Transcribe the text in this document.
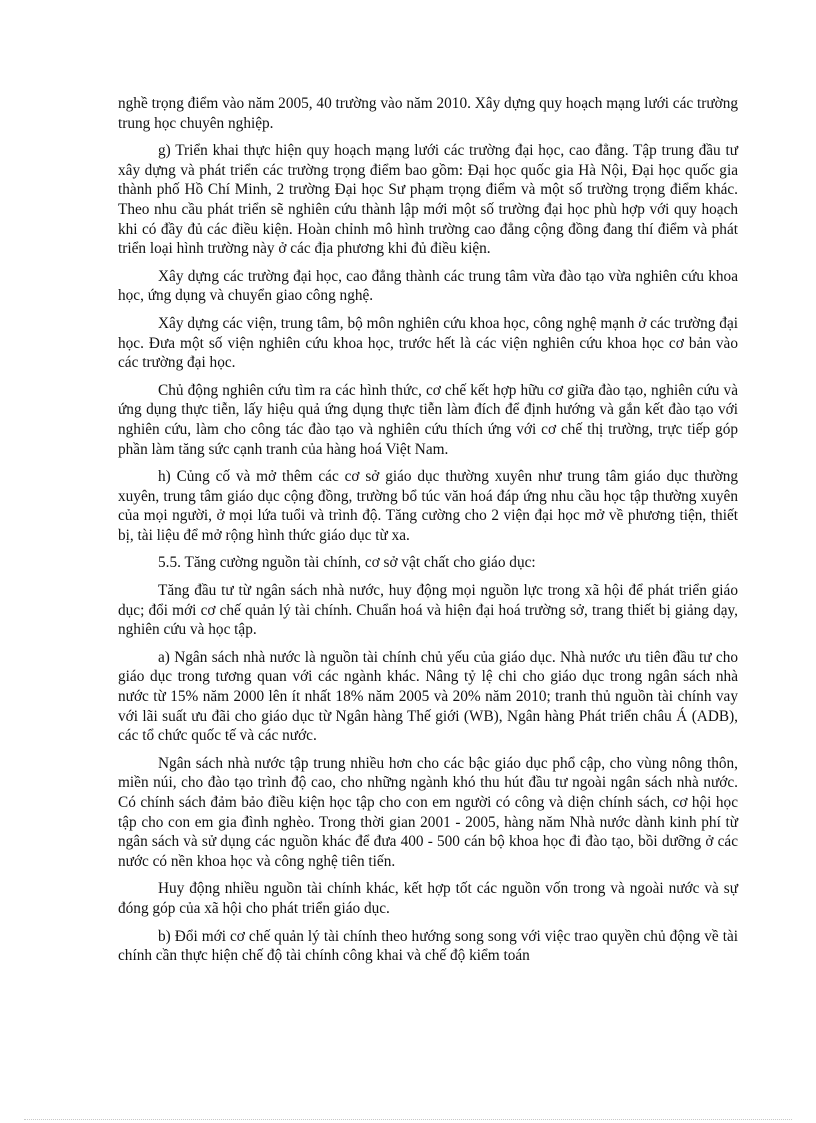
nghề trọng điểm vào năm 2005, 40 trường vào năm 2010. Xây dựng quy hoạch mạng lưới các trường trung học chuyên nghiệp.

g) Triển khai thực hiện quy hoạch mạng lưới các trường đại học, cao đẳng. Tập trung đầu tư xây dựng và phát triển các trường trọng điểm bao gồm: Đại học quốc gia Hà Nội, Đại học quốc gia thành phố Hồ Chí Minh, 2 trường Đại học Sư phạm trọng điểm và một số trường trọng điểm khác. Theo nhu cầu phát triển sẽ nghiên cứu thành lập mới một số trường đại học phù hợp với quy hoạch khi có đầy đủ các điều kiện. Hoàn chỉnh mô hình trường cao đẳng cộng đồng đang thí điểm và phát triển loại hình trường này ở các địa phương khi đủ điều kiện.

Xây dựng các trường đại học, cao đẳng thành các trung tâm vừa đào tạo vừa nghiên cứu khoa học, ứng dụng và chuyển giao công nghệ.

Xây dựng các viện, trung tâm, bộ môn nghiên cứu khoa học, công nghệ mạnh ở các trường đại học. Đưa một số viện nghiên cứu khoa học, trước hết là các viện nghiên cứu khoa học cơ bản vào các trường đại học.

Chủ động nghiên cứu tìm ra các hình thức, cơ chế kết hợp hữu cơ giữa đào tạo, nghiên cứu và ứng dụng thực tiễn, lấy hiệu quả ứng dụng thực tiễn làm đích để định hướng và gắn kết đào tạo với nghiên cứu, làm cho công tác đào tạo và nghiên cứu thích ứng với cơ chế thị trường, trực tiếp góp phần làm tăng sức cạnh tranh của hàng hoá Việt Nam.

h) Củng cố và mở thêm các cơ sở giáo dục thường xuyên như trung tâm giáo dục thường xuyên, trung tâm giáo dục cộng đồng, trường bổ túc văn hoá đáp ứng nhu cầu học tập thường xuyên của mọi người, ở mọi lứa tuổi và trình độ. Tăng cường cho 2 viện đại học mở về phương tiện, thiết bị, tài liệu để mở rộng hình thức giáo dục từ xa.

5.5. Tăng cường nguồn tài chính, cơ sở vật chất cho giáo dục:

Tăng đầu tư từ ngân sách nhà nước, huy động mọi nguồn lực trong xã hội để phát triển giáo dục; đổi mới cơ chế quản lý tài chính. Chuẩn hoá và hiện đại hoá trường sở, trang thiết bị giảng dạy, nghiên cứu và học tập.

a) Ngân sách nhà nước là nguồn tài chính chủ yếu của giáo dục. Nhà nước ưu tiên đầu tư cho giáo dục trong tương quan với các ngành khác. Nâng tỷ lệ chi cho giáo dục trong ngân sách nhà nước từ 15% năm 2000 lên ít nhất 18% năm 2005 và 20% năm 2010; tranh thủ nguồn tài chính vay với lãi suất ưu đãi cho giáo dục từ Ngân hàng Thế giới (WB), Ngân hàng Phát triển châu Á (ADB), các tổ chức quốc tế và các nước.

Ngân sách nhà nước tập trung nhiều hơn cho các bậc giáo dục phổ cập, cho vùng nông thôn, miền núi, cho đào tạo trình độ cao, cho những ngành khó thu hút đầu tư ngoài ngân sách nhà nước. Có chính sách đảm bảo điều kiện học tập cho con em người có công và diện chính sách, cơ hội học tập cho con em gia đình nghèo. Trong thời gian 2001 - 2005, hàng năm Nhà nước dành kinh phí từ ngân sách và sử dụng các nguồn khác để đưa 400 - 500 cán bộ khoa học đi đào tạo, bồi dưỡng ở các nước có nền khoa học và công nghệ tiên tiến.

Huy động nhiều nguồn tài chính khác, kết hợp tốt các nguồn vốn trong và ngoài nước và sự đóng góp của xã hội cho phát triển giáo dục.

b) Đổi mới cơ chế quản lý tài chính theo hướng song song với việc trao quyền chủ động về tài chính cần thực hiện chế độ tài chính công khai và chế độ kiểm toán
